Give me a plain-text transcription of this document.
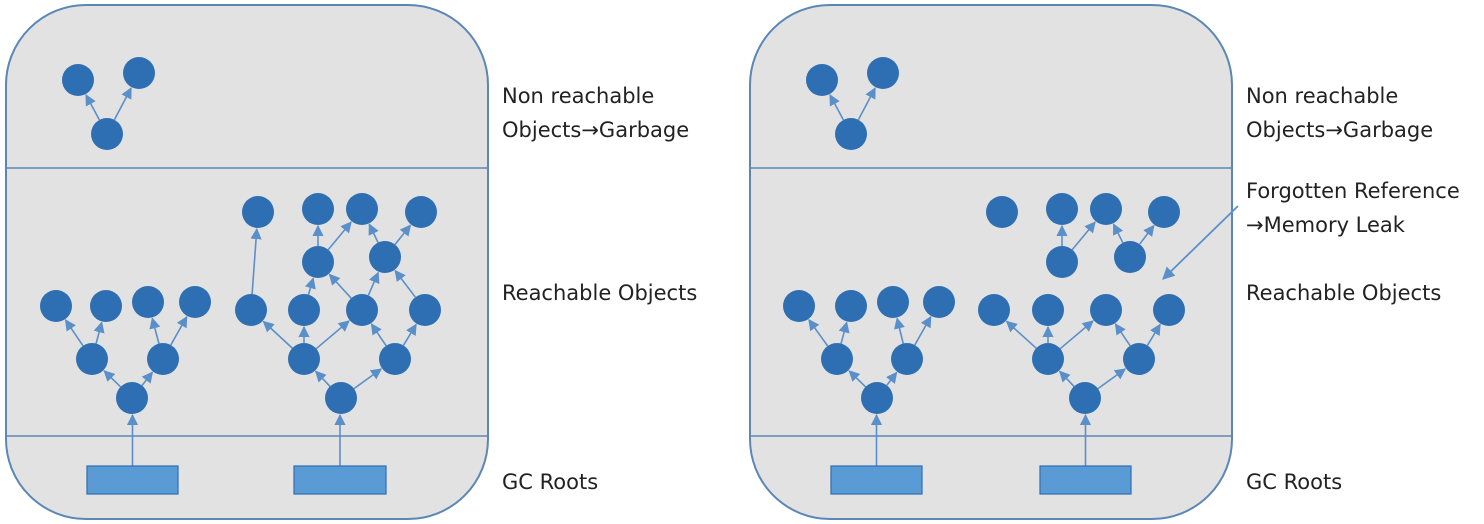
Non reachable
Objects→Garbage
Reachable Objects
GC Roots
Non reachable
Objects→Garbage
Forgotten Reference
→Memory Leak
Reachable Objects
GC Roots
